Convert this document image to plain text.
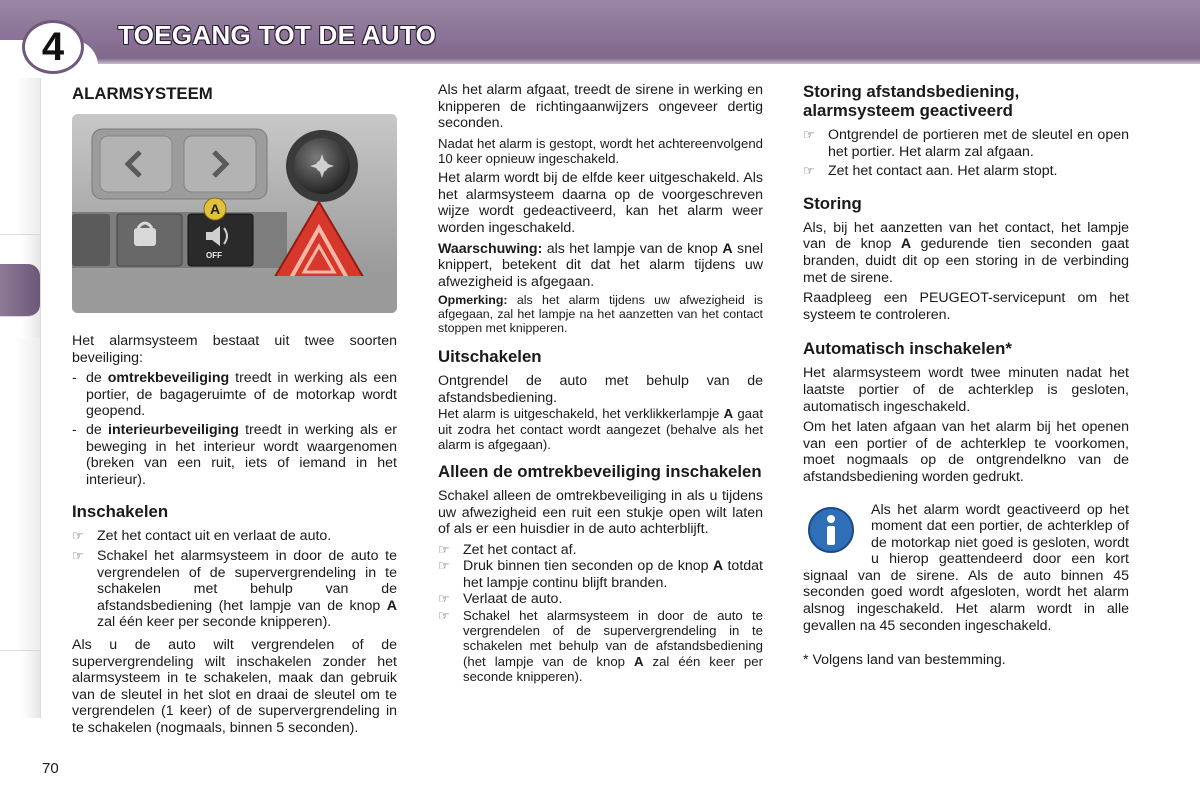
4	TOEGANG TOT DE AUTO
ALARMSYSTEEM
OFF
A

Het alarmsysteem bestaat uit twee soorten beveiliging:

- de omtrekbeveiliging treedt in werking als een portier, de bagageruimte of de motorkap wordt geopend.
- de interieurbeveiliging treedt in werking als er beweging in het interieur wordt waargenomen (breken van een ruit, iets of iemand in het interieur).
Inschakelen
☞ Zet het contact uit en verlaat de auto.
☞ Schakel het alarmsysteem in door de auto te vergrendelen of de supervergrendeling in te schakelen met behulp van de afstandsbediening (het lampje van de knop A zal één keer per seconde knipperen).

Als u de auto wilt vergrendelen of de supervergrendeling wilt inschakelen zonder het alarmsysteem in te schakelen, maak dan gebruik van de sleutel in het slot en draai de sleutel om te vergrendelen (1 keer) of de supervergrendeling in te schakelen (nogmaals, binnen 5 seconden).

Als het alarm afgaat, treedt de sirene in werking en knipperen de richtingaanwijzers ongeveer dertig seconden.

Nadat het alarm is gestopt, wordt het achtereenvolgend 10 keer opnieuw ingeschakeld.

Het alarm wordt bij de elfde keer uitgeschakeld. Als het alarmsysteem daarna op de voorgeschreven wijze wordt gedeactiveerd, kan het alarm weer worden ingeschakeld.

Waarschuwing: als het lampje van de knop A snel knippert, betekent dit dat het alarm tijdens uw afwezigheid is afgegaan.

Opmerking: als het alarm tijdens uw afwezigheid is afgegaan, zal het lampje na het aanzetten van het contact stoppen met knipperen.

Uitschakelen

Ontgrendel de auto met behulp van de afstandsbediening.

Het alarm is uitgeschakeld, het verklikkerlampje A gaat uit zodra het contact wordt aangezet (behalve als het alarm is afgegaan).

Alleen de omtrekbeveiliging inschakelen

Schakel alleen de omtrekbeveiliging in als u tijdens uw afwezigheid een ruit een stukje open wilt laten of als er een huisdier in de auto achterblijft.

☞ Zet het contact af.
☞ Druk binnen tien seconden op de knop A totdat het lampje continu blijft branden.
☞ Verlaat de auto.
☞	Schakel het alarmsysteem in door de auto te vergrendelen of de supervergrendeling in te schakelen met behulp van de afstandsbediening (het lampje van de knop A zal één keer per seconde knipperen).
Storing afstandsbediening, alarmsysteem geactiveerd
☞ Ontgrendel de portieren met de sleutel en open het portier. Het alarm zal afgaan.
☞ Zet het contact aan. Het alarm stopt.
Storing

Als, bij het aanzetten van het contact, het lampje van de knop A gedurende tien seconden gaat branden, duidt dit op een storing in de verbinding met de sirene.

Raadpleeg een PEUGEOT-servicepunt om het systeem te controleren.

Automatisch inschakelen*

Het alarmsysteem wordt twee minuten nadat het laatste portier of de achterklep is gesloten, automatisch ingeschakeld.

Om het laten afgaan van het alarm bij het openen van een portier of de achterklep te voorkomen, moet nogmaals op de ontgrendelkno van de afstandsbediening worden gedrukt.

Als het alarm wordt geactiveerd op het moment dat een portier, de achterklep of de motorkap niet goed is gesloten, wordt u hierop geattendeerd door een kort signaal van de sirene. Als de auto binnen 45 seconden goed wordt afgesloten, wordt het alarm alsnog ingeschakeld. Het alarm wordt in alle gevallen na 45 seconden ingeschakeld.

* Volgens land van bestemming.

70
